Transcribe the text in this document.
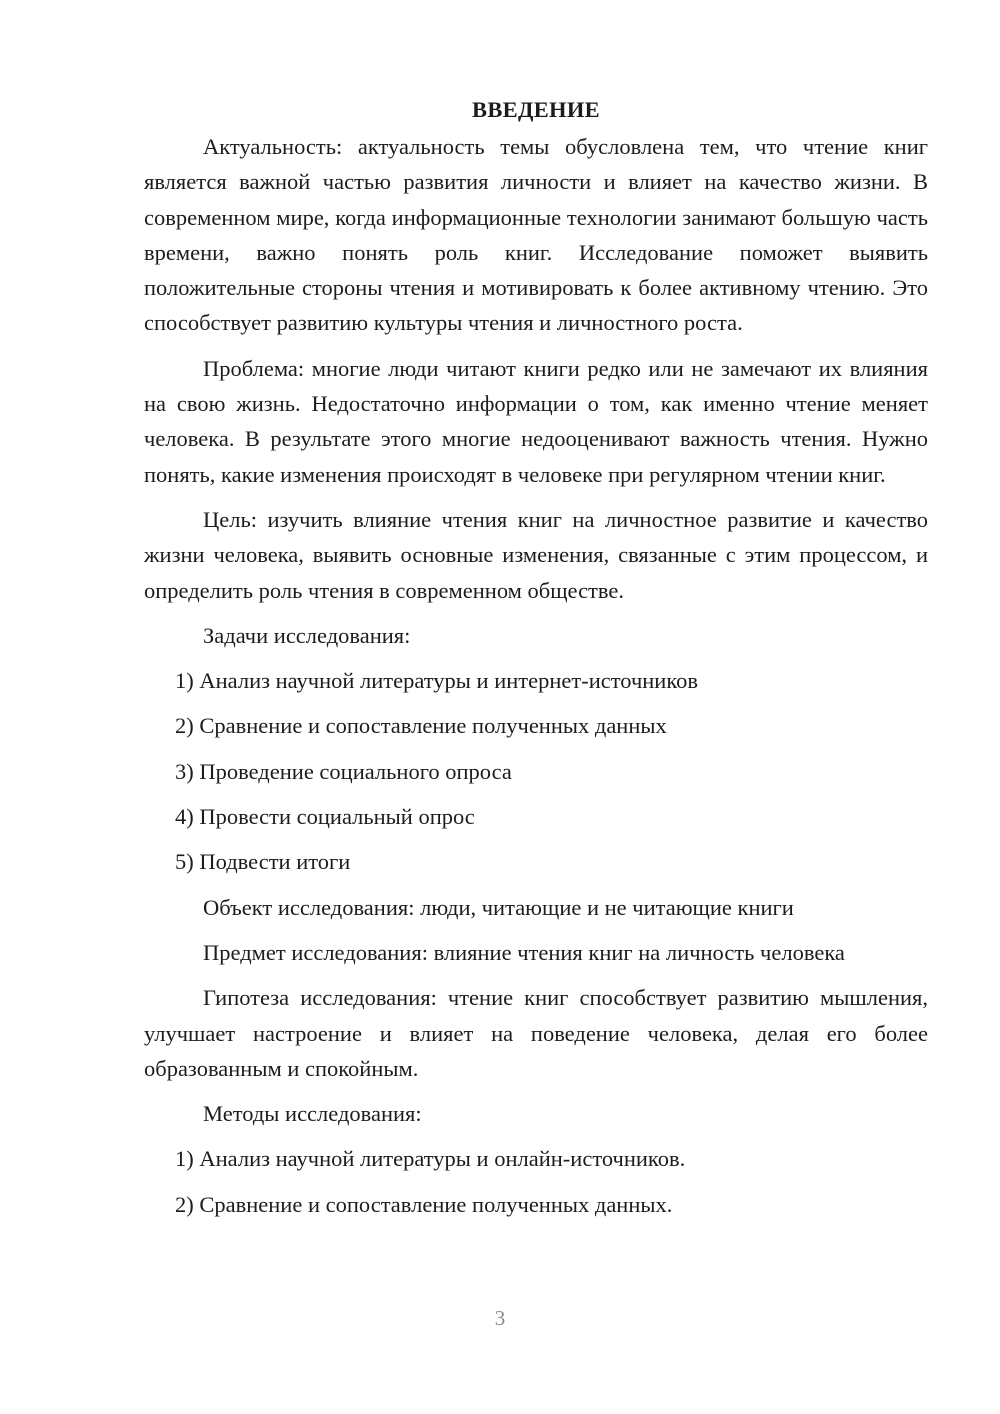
ВВЕДЕНИЕ

Актуальность: актуальность темы обусловлена тем, что чтение книг является важной частью развития личности и влияет на качество жизни. В современном мире, когда информационные технологии занимают большую часть времени, важно понять роль книг. Исследование поможет выявить положительные стороны чтения и мотивировать к более активному чтению. Это способствует развитию культуры чтения и личностного роста.

Проблема: многие люди читают книги редко или не замечают их влияния на свою жизнь. Недостаточно информации о том, как именно чтение меняет человека. В результате этого многие недооценивают важность чтения. Нужно понять, какие изменения происходят в человеке при регулярном чтении книг.

Цель: изучить влияние чтения книг на личностное развитие и качество жизни человека, выявить основные изменения, связанные с этим процессом, и определить роль чтения в современном обществе.

Задачи исследования:
1) Анализ научной литературы и интернет-источников
2) Сравнение и сопоставление полученных данных
3) Проведение социального опроса
4) Провести социальный опрос
5) Подвести итоги
Объект исследования: люди, читающие и не читающие книги
Предмет исследования: влияние чтения книг на личность человека

Гипотеза исследования: чтение книг способствует развитию мышления, улучшает настроение и влияет на поведение человека, делая его более образованным и спокойным.

Методы исследования:
1) Анализ научной литературы и онлайн-источников.
2) Сравнение и сопоставление полученных данных.
3
